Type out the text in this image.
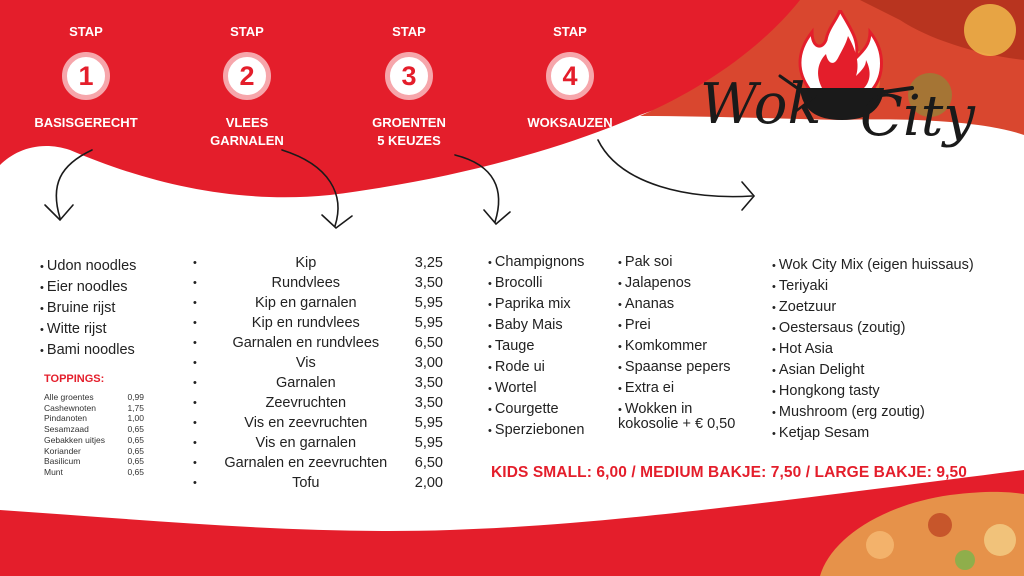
STAP
1
BASISGERECHT
STAP
2
VLEES
GARNALEN
STAP
3
GROENTEN
5 KEUZES
STAP
4
WOKSAUZEN	Wok City
• Udon noodles
• Eier noodles
• Bruine rijst
• Witte rijst
• Bami noodles
TOPPINGS:
Alle groentes	0,99
Cashewnoten	1,75
Pindanoten	1,00
Sesamzaad	0,65
Gebakken uitjes	0,65
Koriander	0,65
Basilicum	0,65
Munt	0,65
• Kip	3,25
• Rundvlees	3,50
• Kip en garnalen	5,95
• Kip en rundvlees	5,95
• Garnalen en rundvlees 6,50
• Vis	3,00
• Garnalen	3,50
• Zeevruchten	3,50
• Vis en zeevruchten	5,95
• Vis en garnalen	5,95
• Garnalen en zeevruchten 6,50
• Tofu	2,00
• Champignons
• Brocolli
• Paprika mix
• Baby Mais
• Tauge
• Rode ui
• Wortel
• Courgette
• Sperziebonen
• Pak soi
• Jalapenos
• Ananas
• Prei
• Komkommer
• Spaanse pepers
• Extra ei
• Wokken in
kokosolie + € 0,50
• Wok City Mix (eigen huissaus)
• Teriyaki
• Zoetzuur
• Oestersaus (zoutig)
• Hot Asia
• Asian Delight
• Hongkong tasty
• Mushroom (erg zoutig)
• Ketjap Sesam
KIDS SMALL: 6,00 / MEDIUM BAKJE: 7,50 / LARGE BAKJE: 9,50
